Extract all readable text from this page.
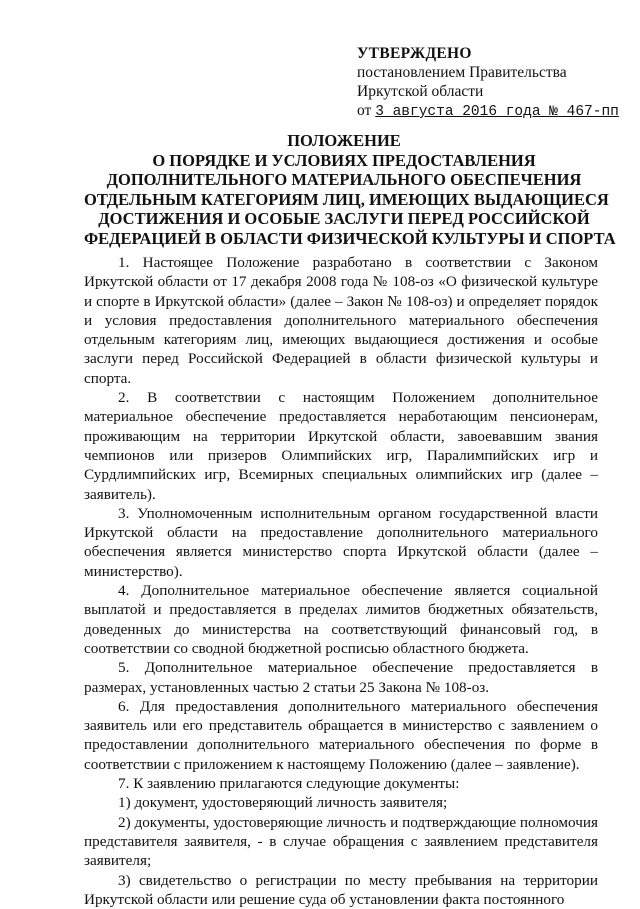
УТВЕРЖДЕНО
постановлением Правительства
Иркутской области
от 3 августа 2016 года № 467-пп
ПОЛОЖЕНИЕ
О ПОРЯДКЕ И УСЛОВИЯХ ПРЕДОСТАВЛЕНИЯ
ДОПОЛНИТЕЛЬНОГО МАТЕРИАЛЬНОГО ОБЕСПЕЧЕНИЯ
ОТДЕЛЬНЫМ КАТЕГОРИЯМ ЛИЦ, ИМЕЮЩИХ ВЫДАЮЩИЕСЯ
ДОСТИЖЕНИЯ И ОСОБЫЕ ЗАСЛУГИ ПЕРЕД РОССИЙСКОЙ
ФЕДЕРАЦИЕЙ В ОБЛАСТИ ФИЗИЧЕСКОЙ КУЛЬТУРЫ И СПОРТА

1. Настоящее Положение разработано в соответствии с Законом Иркутской области от 17 декабря 2008 года № 108-оз «О физической культуре и спорте в Иркутской области» (далее – Закон № 108-оз) и определяет порядок и условия предоставления дополнительного материального обеспечения отдельным категориям лиц, имеющих выдающиеся достижения и особые заслуги перед Российской Федерацией в области физической культуры и спорта.

2. В соответствии с настоящим Положением дополнительное материальное обеспечение предоставляется неработающим пенсионерам, проживающим на территории Иркутской области, завоевавшим звания чемпионов или призеров Олимпийских игр, Паралимпийских игр и Сурдлимпийских игр, Всемирных специальных олимпийских игр (далее – заявитель).

3. Уполномоченным исполнительным органом государственной власти Иркутской области на предоставление дополнительного материального обеспечения является министерство спорта Иркутской области (далее – министерство).

4. Дополнительное материальное обеспечение является социальной выплатой и предоставляется в пределах лимитов бюджетных обязательств, доведенных до министерства на соответствующий финансовый год, в соответствии со сводной бюджетной росписью областного бюджета.

5. Дополнительное материальное обеспечение предоставляется в размерах, установленных частью 2 статьи 25 Закона № 108-оз.

6. Для предоставления дополнительного материального обеспечения заявитель или его представитель обращается в министерство с заявлением о предоставлении дополнительного материального обеспечения по форме в соответствии с приложением к настоящему Положению (далее – заявление).

7. К заявлению прилагаются следующие документы:

1) документ, удостоверяющий личность заявителя;

2) документы, удостоверяющие личность и подтверждающие полномочия представителя заявителя, - в случае обращения с заявлением представителя заявителя;

3) свидетельство о регистрации по месту пребывания на территории Иркутской области или решение суда об установлении факта постоянного
